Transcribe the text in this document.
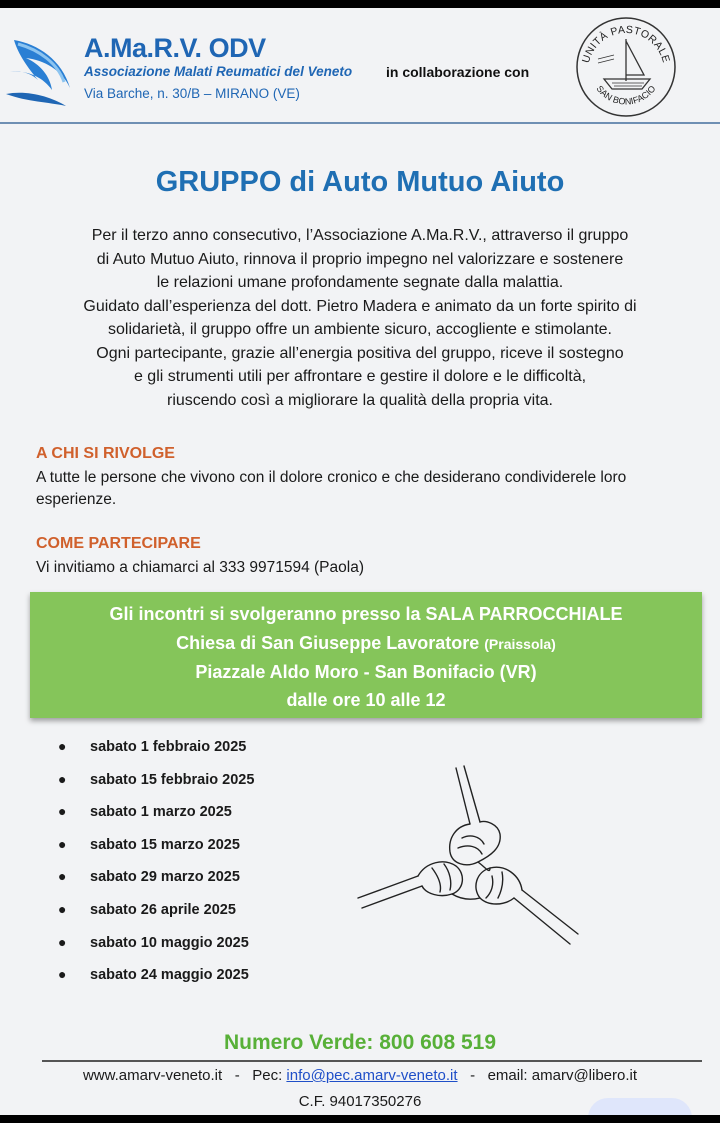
A.Ma.R.V. ODV
Associazione Malati Reumatici del Veneto
Via Barche, n. 30/B – MIRANO (VE)
in collaborazione con
UNITÀ PASTORALE
SAN BONIFACIO
GRUPPO di Auto Mutuo Aiuto

Per il terzo anno consecutivo, l’Associazione A.Ma.R.V., attraverso il gruppo

di Auto Mutuo Aiuto, rinnova il proprio impegno nel valorizzare e sostenere

le relazioni umane profondamente segnate dalla malattia.

Guidato dall’esperienza del dott. Pietro Madera e animato da un forte spirito di

solidarietà, il gruppo offre un ambiente sicuro, accogliente e stimolante.

Ogni partecipante, grazie all’energia positiva del gruppo, riceve il sostegno

e gli strumenti utili per affrontare e gestire il dolore e le difficoltà,

riuscendo così a migliorare la qualità della propria vita.

A CHI SI RIVOLGE
A tutte le persone che vivono con il dolore cronico e che desiderano condividerele loro esperienze.
COME PARTECIPARE
Vi invitiamo a chiamarci al 333 9971594 (Paola)
Gli incontri si svolgeranno presso la SALA PARROCCHIALE
Chiesa di San Giuseppe Lavoratore (Praissola)
Piazzale Aldo Moro - San Bonifacio (VR)
dalle ore 10 alle 12
● sabato 1 febbraio 2025
● sabato 15 febbraio 2025
● sabato 1 marzo 2025
● sabato 15 marzo 2025
● sabato 29 marzo 2025
● sabato 26 aprile 2025
● sabato 10 maggio 2025
● sabato 24 maggio 2025
Numero Verde: 800 608 519
www.amarv-veneto.it - Pec: info@pec.amarv-veneto.it - email: amarv@libero.it
C.F. 94017350276
